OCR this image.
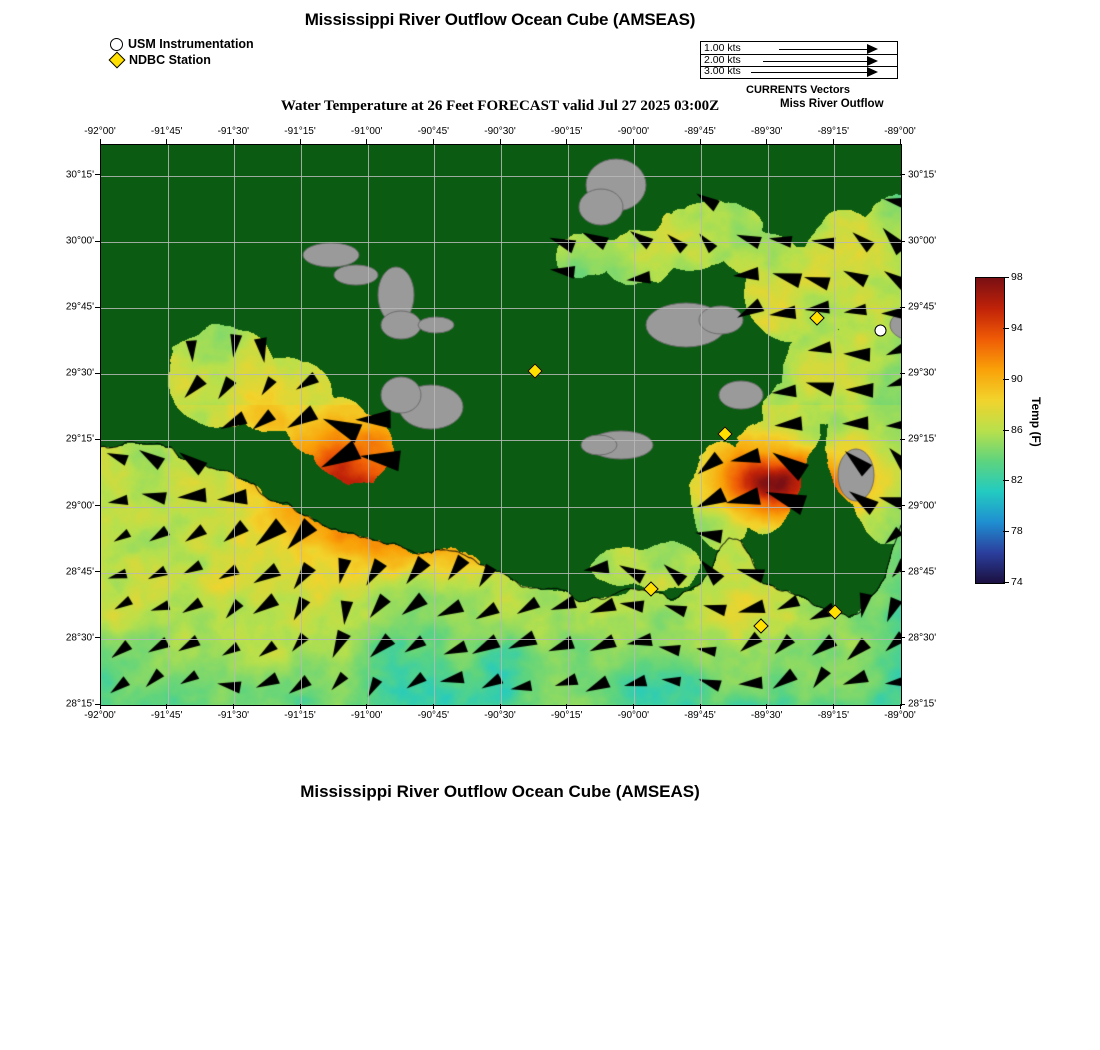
Mississippi River Outflow Ocean Cube (AMSEAS)
USM Instrumentation
NDBC Station
1.00 kts
2.00 kts
3.00 kts
CURRENTS Vectors
Water Temperature at 26 Feet FORECAST valid Jul 27 2025 03:00Z	Miss River Outflow
-92°00'	-91°45'	-91°30'	-91°15'	-91°00'	-90°45'	-90°30'	-90°15'	-90°00'	-89°45'	-89°30'	-89°15'	-89°00'
-92°00'	-91°45'	-91°30'	-91°15'	-91°00'	-90°45'	-90°30'	-90°15'	-90°00'	-89°45'	-89°30'	-89°15'	-89°00'
30°15'
30°00'
29°45'
29°30'
29°15'
29°00'
28°45'
28°30'
28°15'
30°15'
30°00'
29°45'
29°30'
29°15'
29°00'
28°45'
28°30'
28°15'
98
94
90
86
82
78
74
Temp (F)
Mississippi River Outflow Ocean Cube (AMSEAS)
